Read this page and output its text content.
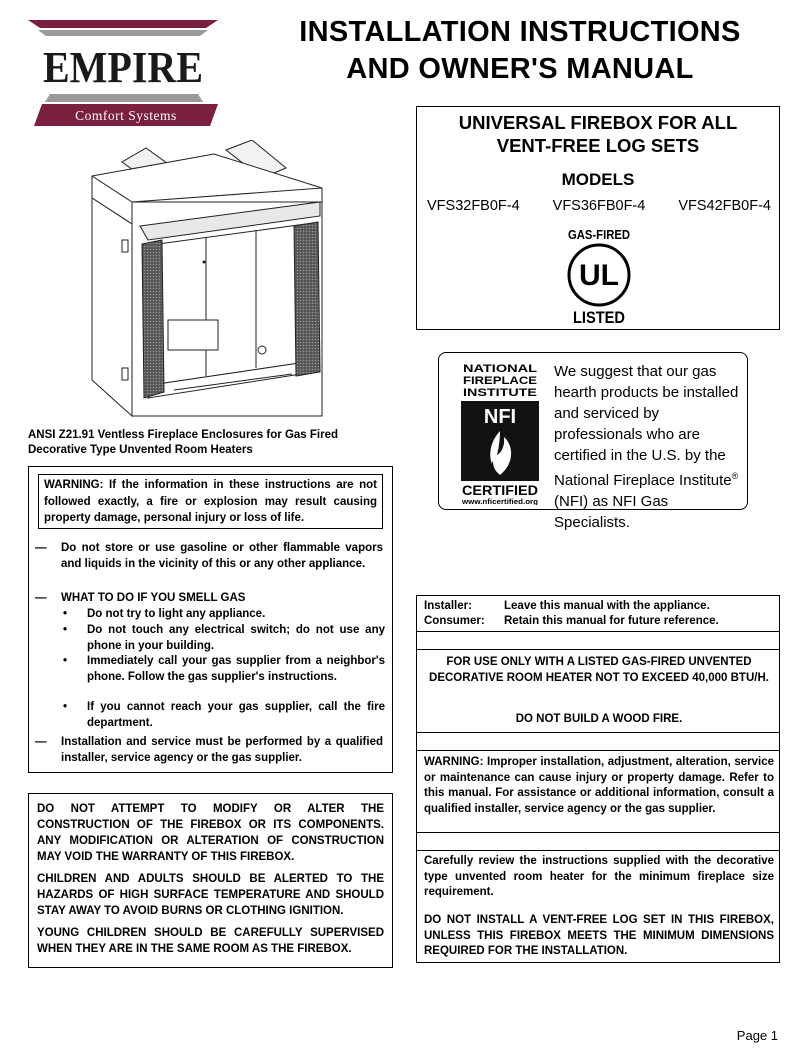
EMPIRE
Comfort Systems
INSTALLATION INSTRUCTIONS
AND OWNER'S MANUAL
UNIVERSAL FIREBOX FOR ALL
VENT-FREE LOG SETS
MODELS
VFS32FB0F-4 VFS36FB0F-4 VFS42FB0F-4
GAS-FIRED
UL
LISTED
ANSI Z21.91 Ventless Fireplace Enclosures for Gas Fired Decorative Type Unvented Room Heaters
WARNING: If the information in these instructions are not followed exactly, a fire or explosion may result causing property damage, personal injury or loss of life.
— Do not store or use gasoline or other flammable vapors and liquids in the vicinity of this or any other appliance.
— WHAT TO DO IF YOU SMELL GAS
• Do not try to light any appliance.
• Do not touch any electrical switch; do not use any phone in your building.
• Immediately call your gas supplier from a neighbor's phone. Follow the gas supplier's instructions.
• If you cannot reach your gas supplier, call the fire department.
— Installation and service must be performed by a qualified installer, service agency or the gas supplier.

DO NOT ATTEMPT TO MODIFY OR ALTER THE CONSTRUCTION OF THE FIREBOX OR ITS COMPONENTS. ANY MODIFICATION OR ALTERATION OF CONSTRUCTION MAY VOID THE WARRANTY OF THIS FIREBOX.

CHILDREN AND ADULTS SHOULD BE ALERTED TO THE HAZARDS OF HIGH SURFACE TEMPERATURE AND SHOULD STAY AWAY TO AVOID BURNS OR CLOTHING IGNITION.

YOUNG CHILDREN SHOULD BE CAREFULLY SUPERVISED WHEN THEY ARE IN THE SAME ROOM AS THE FIREBOX.

NATIONAL
FIREPLACE
INSTITUTE
NFI
CERTIFIED
www.nficertified.org
We suggest that our gas hearth products be installed and serviced by professionals who are certified in the U.S. by the National Fireplace Institute® (NFI) as NFI Gas Specialists.
Installer:	Leave this manual with the appliance.
Consumer: Retain this manual for future reference.
FOR USE ONLY WITH A LISTED GAS-FIRED UNVENTED DECORATIVE ROOM HEATER NOT TO EXCEED 40,000 BTU/H.
DO NOT BUILD A WOOD FIRE.
WARNING: Improper installation, adjustment, alteration, service or maintenance can cause injury or property damage. Refer to this manual. For assistance or additional information, consult a qualified installer, service agency or the gas supplier.
Carefully review the instructions supplied with the decorative type unvented room heater for the minimum fireplace size requirement.
DO NOT INSTALL A VENT-FREE LOG SET IN THIS FIREBOX, UNLESS THIS FIREBOX MEETS THE MINIMUM DIMENSIONS REQUIRED FOR THE INSTALLATION.
Page 1
